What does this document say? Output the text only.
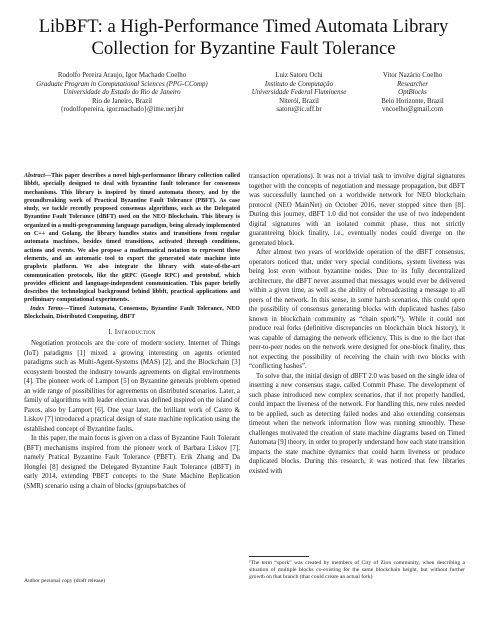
LibBFT: a High-Performance Timed Automata Library Collection for Byzantine Fault Tolerance
Rodolfo Pereira Araujo, Igor Machado Coelho
Graduate Program in Computational Sciences (PPG-CComp)
Universidade do Estado do Rio de Janeiro
Rio de Janeiro, Brazil
{rodolfopereira, igor.machado}@ime.uerj.br
Luiz Satoru Ochi
Instituto de Computação
Universidade Federal Fluminense
Niterói, Brazil
satoru@ic.uff.br
Vitor Nazário Coelho
Researcher
OptBlocks
Belo Horizonte, Brazil
vncoelho@gmail.com

Abstract—This paper describes a novel high-performance library collection called libbft, specially designed to deal with byzantine fault tolerance for consensus mechanisms. This library is inspired by timed automata theory, and by the groundbreaking work of Practical Byzantine Fault Tolerance (PBFT). As case study, we tackle recently proposed consensus algorithms, such as the Delegated Byzantine Fault Tolerance (dBFT) used on the NEO Blockchain. This library is organized in a multi-programming language paradigm, being already implemented on C++ and Golang, the library handles states and transitions from regular automata machines, besides timed transitions, activated through conditions, actions and events. We also propose a mathematical notation to represent these elements, and an automatic tool to export the generated state machine into graphviz platform. We also integrate the library with state-of-the-art communication protocols, like the gRPC (Google RPC) and protobuf, which provides efficient and language-independent communication. This paper briefly describes the technological background behind libbft, practical applications and preliminary computational experiments.

Index Terms—Timed Automata, Consensus, Byzantine Fault Tolerance, NEO Blockchain, Distributed Computing, dBFT

I. Introduction

Negotiation protocols are the core of modern society. Internet of Things (IoT) paradigms [1] mixed a growing interesting on agents oriented paradigms such as Multi-Agent-Systems (MAS) [2], and the Blockchain [3] ecosystem boosted the industry towards agreements on digital environments [4]. The pioneer work of Lamport [5] on Byzantine generals problem opened an wide range of possibilities for agreements on distributed scenarios. Later, a family of algorithms with leader election was defined inspired on the island of Paxos, also by Lamport [6]. One year later, the brilliant work of Castro & Liskov [7] introduced a practical design of state machine replication using the established concept of Byzantine faults.

In this paper, the main focus is given on a class of Byzantine Fault Tolerant (BFT) mechanisms inspired from the pioneer work of Barbara Liskov [7], namely Pratical Byzantine Fault Tolerance (PBFT). Erik Zhang and Da Hongfei [8] designed the Delegated Byzantine Fault Tolerance (dBFT) in early 2014, extending PBFT concepts to the State Machine Replication (SMR) scenario using a chain of blocks (groups/batches of

Author personal copy (draft release)

transaction operations). It was not a trivial task to involve digital signatures together with the concepts of negotiation and message propagation, but dBFT was successfully launched on a worldwide network for NEO blockchain protocol (NEO MainNet) on October 2016, never stopped since then [8]. During this journey, dBFT 1.0 did not consider the use of two independent digital signatures with an isolated commit phase, thus not strictly guaranteeing block finality, i.e., eventually nodes could diverge on the generated block.

After almost two years of worldwide operation of the dBFT consensus, operators noticed that, under very special conditions, system liveness was being lost even without byzantine nodes. Due to its fully decentralized architecture, the dBFT never assumed that messages would ever be delivered within a given time, as well as the ability of rebroadcasting a message to all peers of the network. In this sense, in some harsh scenarios, this could open the possibility of consensus generating blocks with duplicated hashes (also known in blockchain community as “chain spork”¹). While it could not produce real forks (definitive discrepancies on blockchain block history), it was capable of damaging the network efficiency. This is due to the fact that peer-to-peer nodes on the network were designed for one-block finality, thus not expecting the possibility of receiving the chain with two blocks with “conflicting hashes”.

To solve that, the initial design of dBFT 2.0 was based on the single idea of inserting a new consensus stage, called Commit Phase. The development of such phase introduced new complex scenarios, that if not properly handled, could impact the liveness of the network. For handling this, new rules needed to be applied, such as detecting failed nodes and also extending consensus timeout when the network information flow was running smoothly. These challenges motivated the creation of state machine diagrams based on Timed Automata [9] theory, in order to properly understand how each state transition impacts the state machine dynamics that could harm liveness or produce duplicated blocks. During this research, it was noticed that few libraries existed with

¹The term “spork” was created by members of City of Zion community, when describing a situation of multiple blocks co-existing for the same blockchain height, but without further growth on that branch (that could create an actual fork)
